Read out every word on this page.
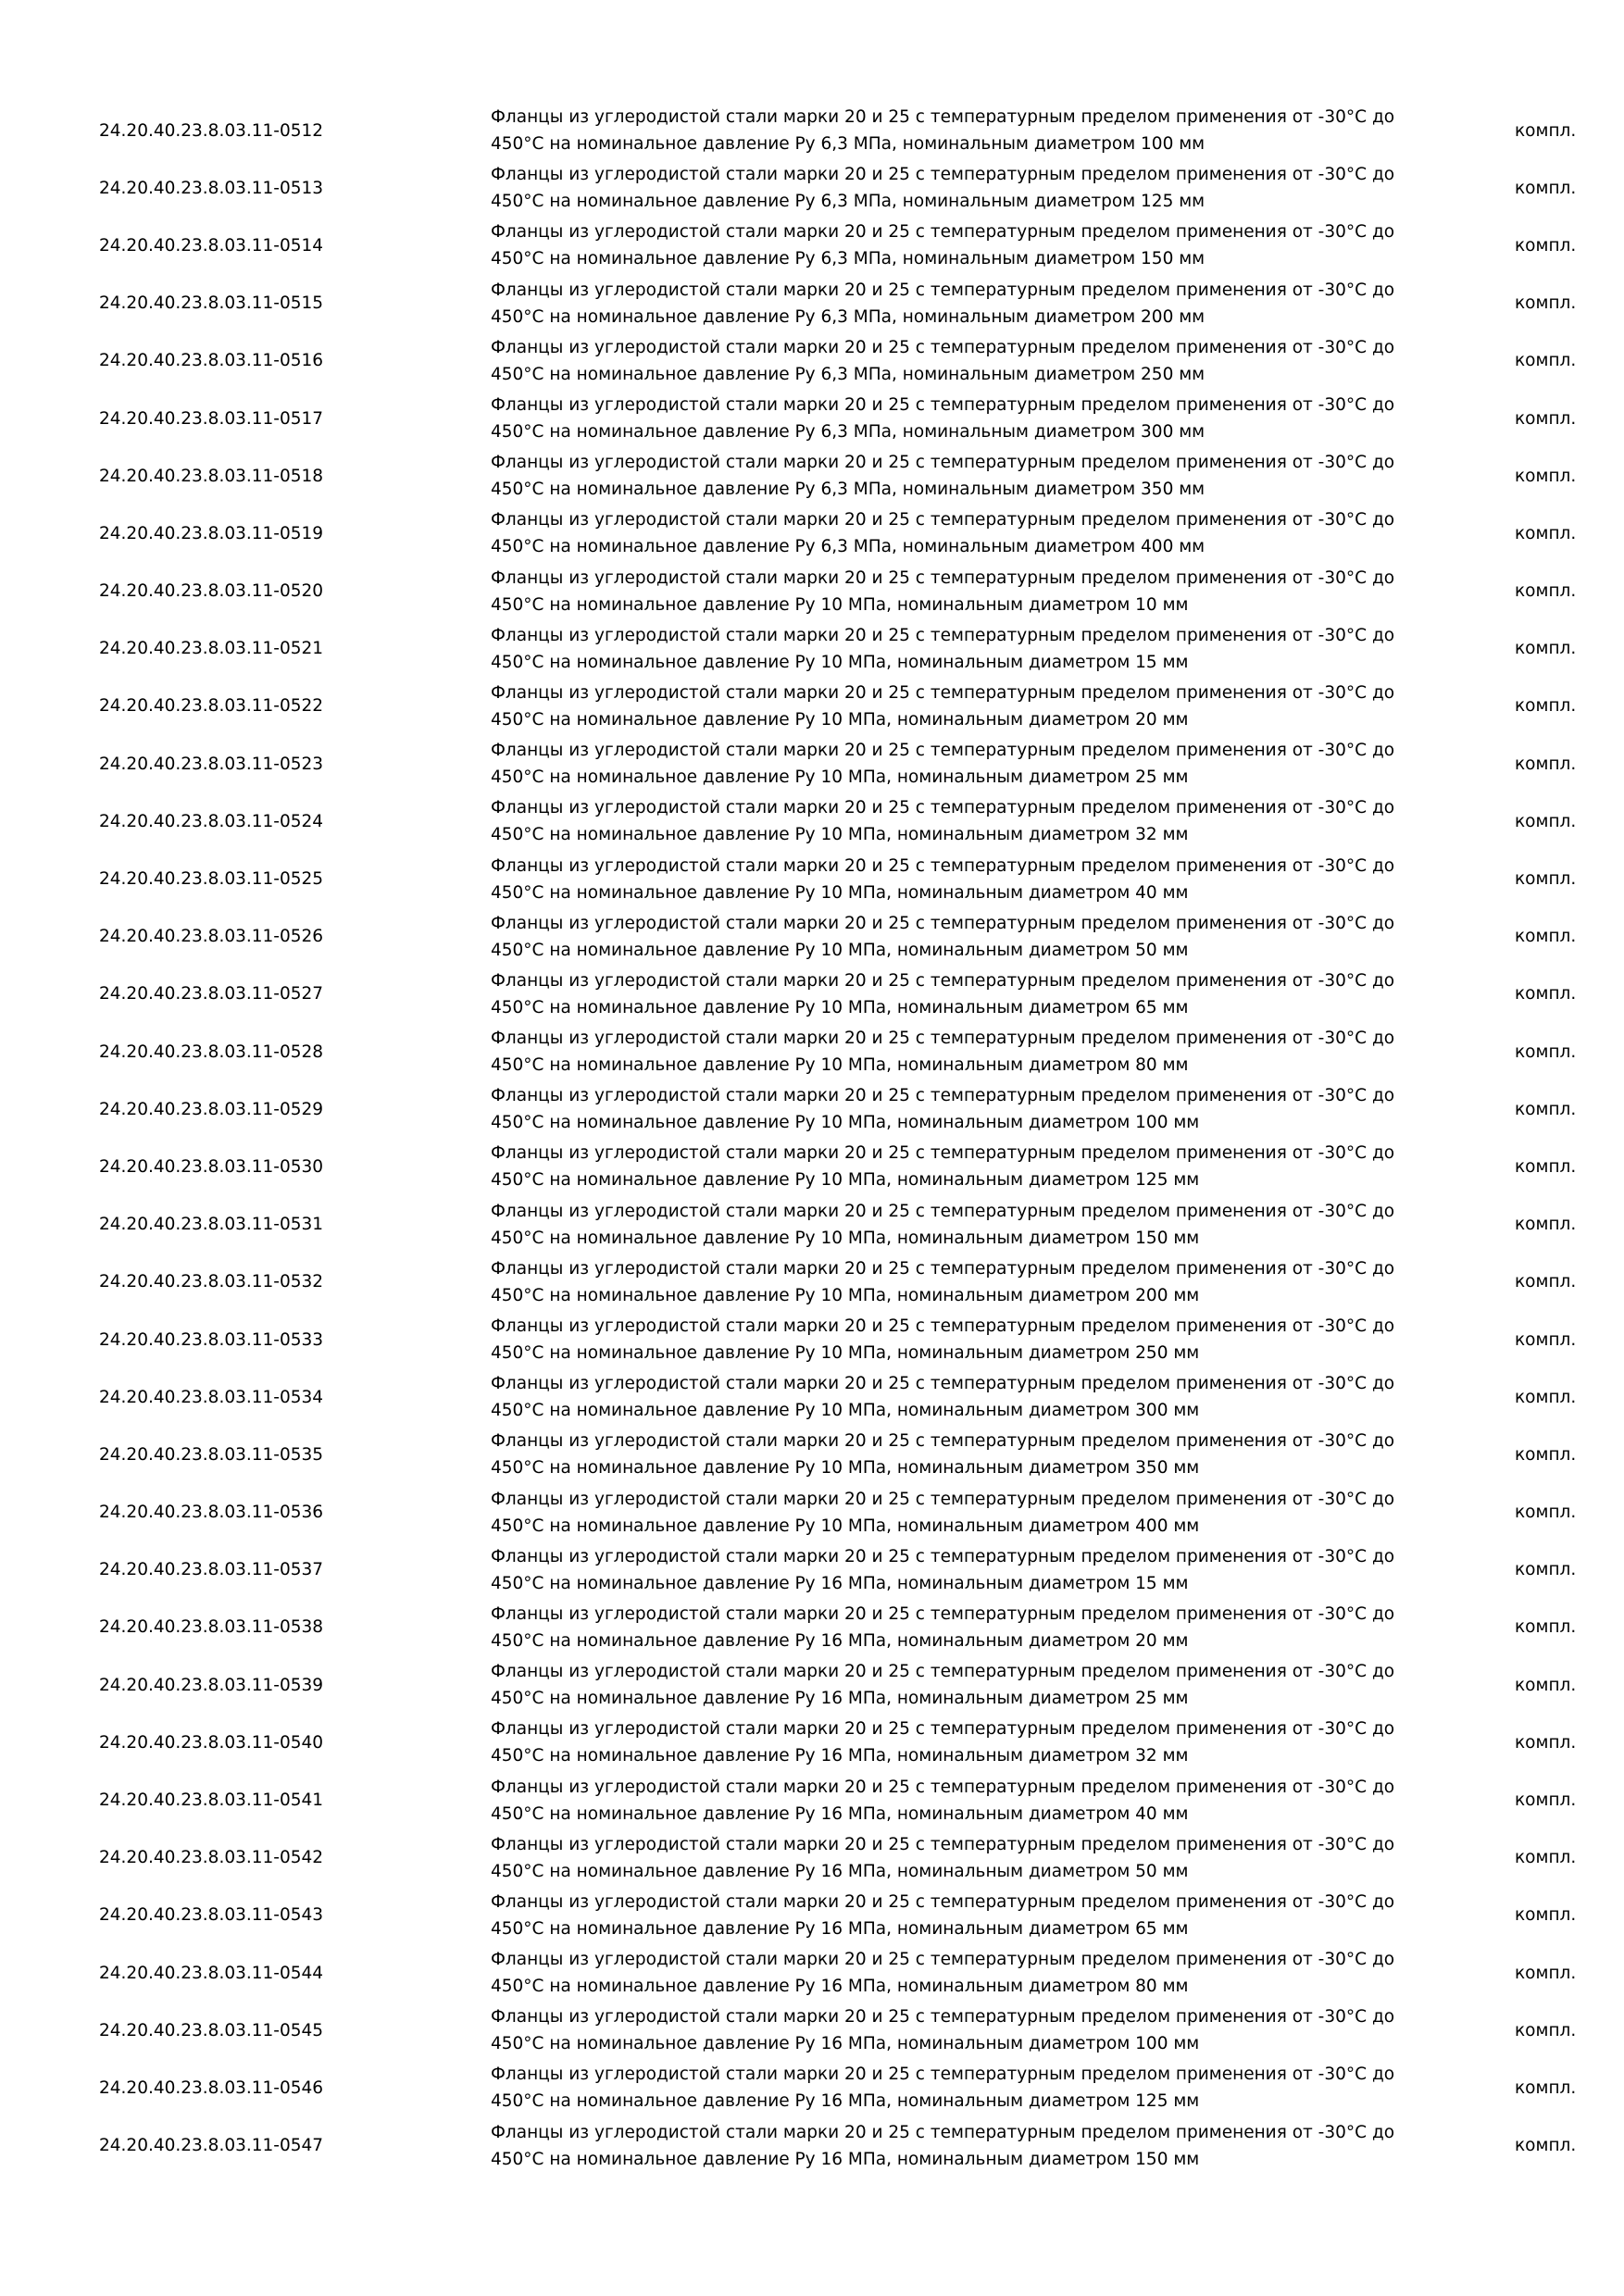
24.20.40.23.8.03.11-0512
Фланцы из углеродистой стали марки 20 и 25 с температурным пределом применения от -30°С до
450°С на номинальное давление Ру 6,3 МПа, номинальным диаметром 100 мм
компл.
24.20.40.23.8.03.11-0513
Фланцы из углеродистой стали марки 20 и 25 с температурным пределом применения от -30°С до
450°С на номинальное давление Ру 6,3 МПа, номинальным диаметром 125 мм
компл.
24.20.40.23.8.03.11-0514
Фланцы из углеродистой стали марки 20 и 25 с температурным пределом применения от -30°С до
450°С на номинальное давление Ру 6,3 МПа, номинальным диаметром 150 мм
компл.
24.20.40.23.8.03.11-0515
Фланцы из углеродистой стали марки 20 и 25 с температурным пределом применения от -30°С до
450°С на номинальное давление Ру 6,3 МПа, номинальным диаметром 200 мм
компл.
24.20.40.23.8.03.11-0516
Фланцы из углеродистой стали марки 20 и 25 с температурным пределом применения от -30°С до
450°С на номинальное давление Ру 6,3 МПа, номинальным диаметром 250 мм
компл.
24.20.40.23.8.03.11-0517
Фланцы из углеродистой стали марки 20 и 25 с температурным пределом применения от -30°С до
450°С на номинальное давление Ру 6,3 МПа, номинальным диаметром 300 мм
компл.
24.20.40.23.8.03.11-0518
Фланцы из углеродистой стали марки 20 и 25 с температурным пределом применения от -30°С до
450°С на номинальное давление Ру 6,3 МПа, номинальным диаметром 350 мм
компл.
24.20.40.23.8.03.11-0519
Фланцы из углеродистой стали марки 20 и 25 с температурным пределом применения от -30°С до
450°С на номинальное давление Ру 6,3 МПа, номинальным диаметром 400 мм
компл.
24.20.40.23.8.03.11-0520
Фланцы из углеродистой стали марки 20 и 25 с температурным пределом применения от -30°С до
450°С на номинальное давление Ру 10 МПа, номинальным диаметром 10 мм
компл.
24.20.40.23.8.03.11-0521
Фланцы из углеродистой стали марки 20 и 25 с температурным пределом применения от -30°С до
450°С на номинальное давление Ру 10 МПа, номинальным диаметром 15 мм
компл.
24.20.40.23.8.03.11-0522
Фланцы из углеродистой стали марки 20 и 25 с температурным пределом применения от -30°С до
450°С на номинальное давление Ру 10 МПа, номинальным диаметром 20 мм
компл.
24.20.40.23.8.03.11-0523
Фланцы из углеродистой стали марки 20 и 25 с температурным пределом применения от -30°С до
450°С на номинальное давление Ру 10 МПа, номинальным диаметром 25 мм
компл.
24.20.40.23.8.03.11-0524
Фланцы из углеродистой стали марки 20 и 25 с температурным пределом применения от -30°С до
450°С на номинальное давление Ру 10 МПа, номинальным диаметром 32 мм
компл.
24.20.40.23.8.03.11-0525
Фланцы из углеродистой стали марки 20 и 25 с температурным пределом применения от -30°С до
450°С на номинальное давление Ру 10 МПа, номинальным диаметром 40 мм
компл.
24.20.40.23.8.03.11-0526
Фланцы из углеродистой стали марки 20 и 25 с температурным пределом применения от -30°С до
450°С на номинальное давление Ру 10 МПа, номинальным диаметром 50 мм
компл.
24.20.40.23.8.03.11-0527
Фланцы из углеродистой стали марки 20 и 25 с температурным пределом применения от -30°С до
450°С на номинальное давление Ру 10 МПа, номинальным диаметром 65 мм
компл.
24.20.40.23.8.03.11-0528
Фланцы из углеродистой стали марки 20 и 25 с температурным пределом применения от -30°С до
450°С на номинальное давление Ру 10 МПа, номинальным диаметром 80 мм
компл.
24.20.40.23.8.03.11-0529
Фланцы из углеродистой стали марки 20 и 25 с температурным пределом применения от -30°С до
450°С на номинальное давление Ру 10 МПа, номинальным диаметром 100 мм
компл.
24.20.40.23.8.03.11-0530
Фланцы из углеродистой стали марки 20 и 25 с температурным пределом применения от -30°С до
450°С на номинальное давление Ру 10 МПа, номинальным диаметром 125 мм
компл.
24.20.40.23.8.03.11-0531
Фланцы из углеродистой стали марки 20 и 25 с температурным пределом применения от -30°С до
450°С на номинальное давление Ру 10 МПа, номинальным диаметром 150 мм
компл.
24.20.40.23.8.03.11-0532
Фланцы из углеродистой стали марки 20 и 25 с температурным пределом применения от -30°С до
450°С на номинальное давление Ру 10 МПа, номинальным диаметром 200 мм
компл.
24.20.40.23.8.03.11-0533
Фланцы из углеродистой стали марки 20 и 25 с температурным пределом применения от -30°С до
450°С на номинальное давление Ру 10 МПа, номинальным диаметром 250 мм
компл.
24.20.40.23.8.03.11-0534
Фланцы из углеродистой стали марки 20 и 25 с температурным пределом применения от -30°С до
450°С на номинальное давление Ру 10 МПа, номинальным диаметром 300 мм
компл.
24.20.40.23.8.03.11-0535
Фланцы из углеродистой стали марки 20 и 25 с температурным пределом применения от -30°С до
450°С на номинальное давление Ру 10 МПа, номинальным диаметром 350 мм
компл.
24.20.40.23.8.03.11-0536
Фланцы из углеродистой стали марки 20 и 25 с температурным пределом применения от -30°С до
450°С на номинальное давление Ру 10 МПа, номинальным диаметром 400 мм
компл.
24.20.40.23.8.03.11-0537
Фланцы из углеродистой стали марки 20 и 25 с температурным пределом применения от -30°С до
450°С на номинальное давление Ру 16 МПа, номинальным диаметром 15 мм
компл.
24.20.40.23.8.03.11-0538
Фланцы из углеродистой стали марки 20 и 25 с температурным пределом применения от -30°С до
450°С на номинальное давление Ру 16 МПа, номинальным диаметром 20 мм
компл.
24.20.40.23.8.03.11-0539
Фланцы из углеродистой стали марки 20 и 25 с температурным пределом применения от -30°С до
450°С на номинальное давление Ру 16 МПа, номинальным диаметром 25 мм
компл.
24.20.40.23.8.03.11-0540
Фланцы из углеродистой стали марки 20 и 25 с температурным пределом применения от -30°С до
450°С на номинальное давление Ру 16 МПа, номинальным диаметром 32 мм
компл.
24.20.40.23.8.03.11-0541
Фланцы из углеродистой стали марки 20 и 25 с температурным пределом применения от -30°С до
450°С на номинальное давление Ру 16 МПа, номинальным диаметром 40 мм
компл.
24.20.40.23.8.03.11-0542
Фланцы из углеродистой стали марки 20 и 25 с температурным пределом применения от -30°С до
450°С на номинальное давление Ру 16 МПа, номинальным диаметром 50 мм
компл.
24.20.40.23.8.03.11-0543
Фланцы из углеродистой стали марки 20 и 25 с температурным пределом применения от -30°С до
450°С на номинальное давление Ру 16 МПа, номинальным диаметром 65 мм
компл.
24.20.40.23.8.03.11-0544
Фланцы из углеродистой стали марки 20 и 25 с температурным пределом применения от -30°С до
450°С на номинальное давление Ру 16 МПа, номинальным диаметром 80 мм
компл.
24.20.40.23.8.03.11-0545
Фланцы из углеродистой стали марки 20 и 25 с температурным пределом применения от -30°С до
450°С на номинальное давление Ру 16 МПа, номинальным диаметром 100 мм
компл.
24.20.40.23.8.03.11-0546
Фланцы из углеродистой стали марки 20 и 25 с температурным пределом применения от -30°С до
450°С на номинальное давление Ру 16 МПа, номинальным диаметром 125 мм
компл.
24.20.40.23.8.03.11-0547
Фланцы из углеродистой стали марки 20 и 25 с температурным пределом применения от -30°С до
450°С на номинальное давление Ру 16 МПа, номинальным диаметром 150 мм
компл.
